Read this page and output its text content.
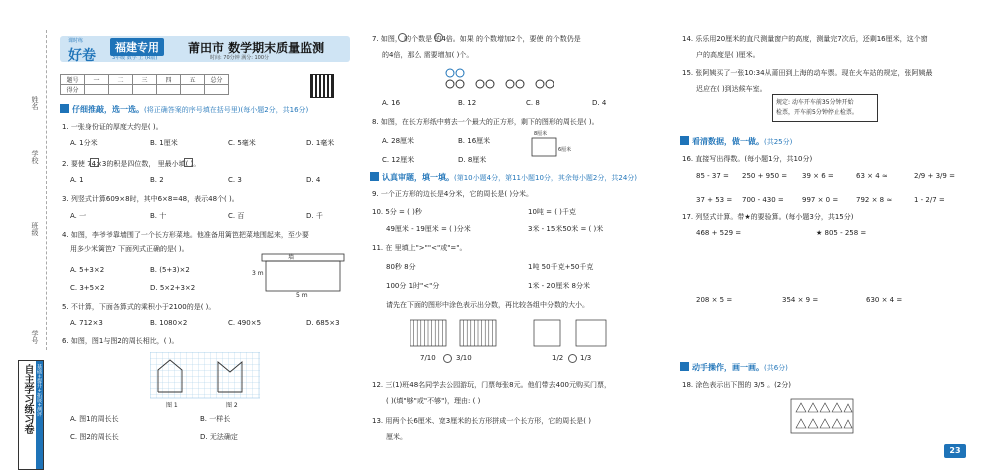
姓名
学校
班级
学号
自主学习练习卷 基础+提升+拓展+测评
课时练
好卷
福建专用
3年级 数学 上 (R版)
莆田市 数学期末质量监测
时间: 70分钟 满分: 100分
题号	一	二	三	四	五	总分
得分						
仔细推敲，选一选。(将正确答案的序号填在括号里)(每小题2分，共16分)
1. 一张身份证的厚度大约是( )。
A. 1分米	B. 1厘米	C. 5毫米	D. 1毫米
2. 要使 74×3的积是四位数， 里最小填( )。
A. 1	B. 2	C. 3	D. 4
3. 列竖式计算609×8时，其中6×8=48，表示48个( )。
A. 一	B. 十	C. 百	D. 千
4. 如图，李爷爷靠墙围了一个长方形菜地。他准备用篱笆把菜地围起来，至少要
用多少米篱笆? 下面列式正确的是( )。
A. 5+3×2	B. (5+3)×2
C. 3+5×2	D. 5×2+3×2
墙
3 m
5 m
5. 不计算，下面各算式的乘积小于2100的是( )。
A. 712×3	B. 1080×2	C. 490×5	D. 685×3
6. 如图，图1与图2的周长相比，( )。
图 1	图 2
A. 图1的周长长	B. 一样长
C. 图2的周长长	D. 无法确定
7. 如图， 的个数是 的4倍。如果 的个数增加2个，要使 的个数仍是
的4倍，那么 需要增加( )个。
A. 16	B. 12	C. 8	D. 4
8. 如图，在长方形纸中剪去一个最大的正方形，剩下的图形的周长是( )。
A. 28厘米	B. 16厘米
C. 12厘米	D. 8厘米
8厘米
6厘米
认真审题，填一填。(第10小题4分，第11小题10分，其余每小题2分，共24分)
9. 一个正方形的边长是4分米，它的周长是( )分米。
10. 5分 = ( )秒	10吨 = ( )千克
49厘米 - 19厘米 = ( )分米	3米 - 15米50米 = ( )米
11. 在 里填上">""<"或"="。
80秒 8分	1吨 50千克+50千克
100分 1时"<"分	1米 - 20厘米 8分米
请先在下面的图形中涂色表示出分数，再比较各组中分数的大小。
7/10	3/10	1/2 1/3
12. 三(1)班48名同学去公园游玩，门票每张8元。他们带去400元购买门票，
( )(填"够"或"不够")，理由: ( )
13. 用两个长6厘米、宽3厘米的长方形拼成一个长方形，它的周长是( )
厘米。
14. 乐乐用20厘米的直尺测量窗户的高度，测量完7次后，还剩16厘米，这个窗
户的高度是( )厘米。
15. 张阿姨买了一张10:34从莆田到上海的动车票。现在火车站的规定，张阿姨最
迟应在( )到达候车室。
规定: 动车开车前35分钟开始
检票，开车前5分钟停止检票。
看清数据，做一做。(共25分)
16. 直接写出得数。(每小题1分，共10分)
85 - 37 = 250 + 950 = 39 × 6 =	63 × 4 ≈	2/9 + 3/9 =
37 + 53 = 700 - 430 =	997 × 0 =	792 × 8 ≈	1 - 2/7 =
17. 列竖式计算。带★的要验算。(每小题3分，共15分)
468 + 529 =	★ 805 - 258 =
208 × 5 =	354 × 9 =	630 × 4 =
动手操作，画一画。(共6分)
18. 涂色表示出下图的 3/5 。(2分)
23
